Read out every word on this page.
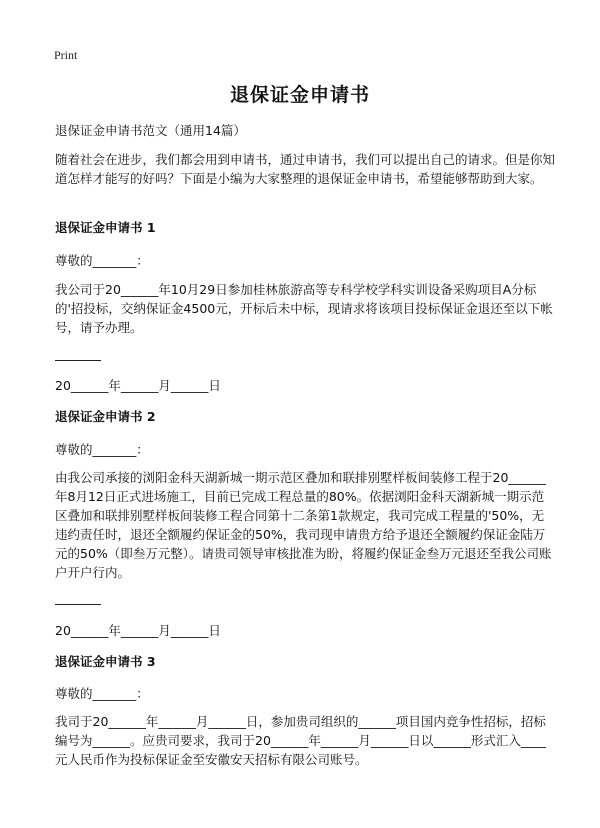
Print
退保证金申请书

退保证金申请书范文（通用14篇）

随着社会在进步，我们都会用到申请书，通过申请书，我们可以提出自己的请求。但是你知道怎样才能写的好吗？下面是小编为大家整理的退保证金申请书，希望能够帮助到大家。

退保证金申请书 1

尊敬的_______：

我公司于20______年10月29日参加桂林旅游高等专科学校学科实训设备采购项目A分标的'招投标，交纳保证金4500元，开标后未中标，现请求将该项目投标保证金退还至以下帐号，请予办理。

20______年______月______日

退保证金申请书 2

尊敬的_______：

由我公司承接的浏阳金科天湖新城一期示范区叠加和联排别墅样板间装修工程于20______年8月12日正式进场施工，目前已完成工程总量的80%。依据浏阳金科天湖新城一期示范区叠加和联排别墅样板间装修工程合同第十二条第1款规定，我司完成工程量的'50%，无违约责任时，退还全额履约保证金的50%，我司现申请贵方给予退还全额履约保证金陆万元的50%（即叁万元整）。请贵司领导审核批准为盼，将履约保证金叁万元退还至我公司账户开户行内。

20______年______月______日

退保证金申请书 3

尊敬的_______：

我司于20______年______月______日，参加贵司组织的______项目国内竞争性招标，招标编号为______。应贵司要求，我司于20______年______月______日以______形式汇入____元人民币作为投标保证金至安徽安天招标有限公司账号。
